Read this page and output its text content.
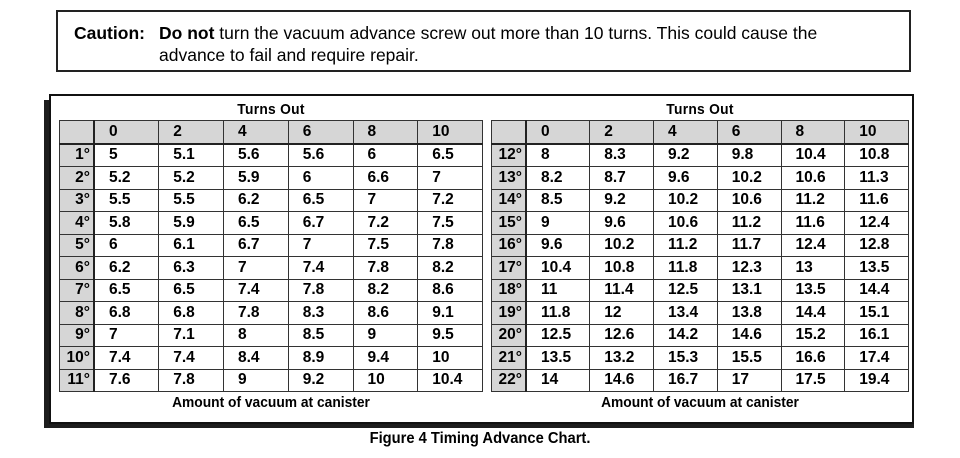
Caution: Do not turn the vacuum advance screw out more than 10 turns. This could cause the
advance to fail and require repair.
Turns Out
	0	2	4	6	8	10
1°	5	5.1	5.6	5.6	6	6.5
2°	5.2	5.2	5.9	6	6.6	7
3°	5.5	5.5	6.2	6.5	7	7.2
4°	5.8	5.9	6.5	6.7	7.2	7.5
5°	6	6.1	6.7	7	7.5	7.8
6°	6.2	6.3	7	7.4	7.8	8.2
7°	6.5	6.5	7.4	7.8	8.2	8.6
8°	6.8	6.8	7.8	8.3	8.6	9.1
9°	7	7.1	8	8.5	9	9.5
10°	7.4	7.4	8.4	8.9	9.4	10
11°	7.6	7.8	9	9.2	10	10.4
Amount of vacuum at canister
Turns Out
	0	2	4	6	8	10
12°	8	8.3	9.2	9.8	10.4	10.8
13°	8.2	8.7	9.6	10.2	10.6	11.3
14°	8.5	9.2	10.2	10.6	11.2	11.6
15°	9	9.6	10.6	11.2	11.6	12.4
16°	9.6	10.2	11.2	11.7	12.4	12.8
17°	10.4	10.8	11.8	12.3	13	13.5
18°	11	11.4	12.5	13.1	13.5	14.4
19°	11.8	12	13.4	13.8	14.4	15.1
20°	12.5	12.6	14.2	14.6	15.2	16.1
21°	13.5	13.2	15.3	15.5	16.6	17.4
22°	14	14.6	16.7	17	17.5	19.4
Amount of vacuum at canister
Figure 4 Timing Advance Chart.
